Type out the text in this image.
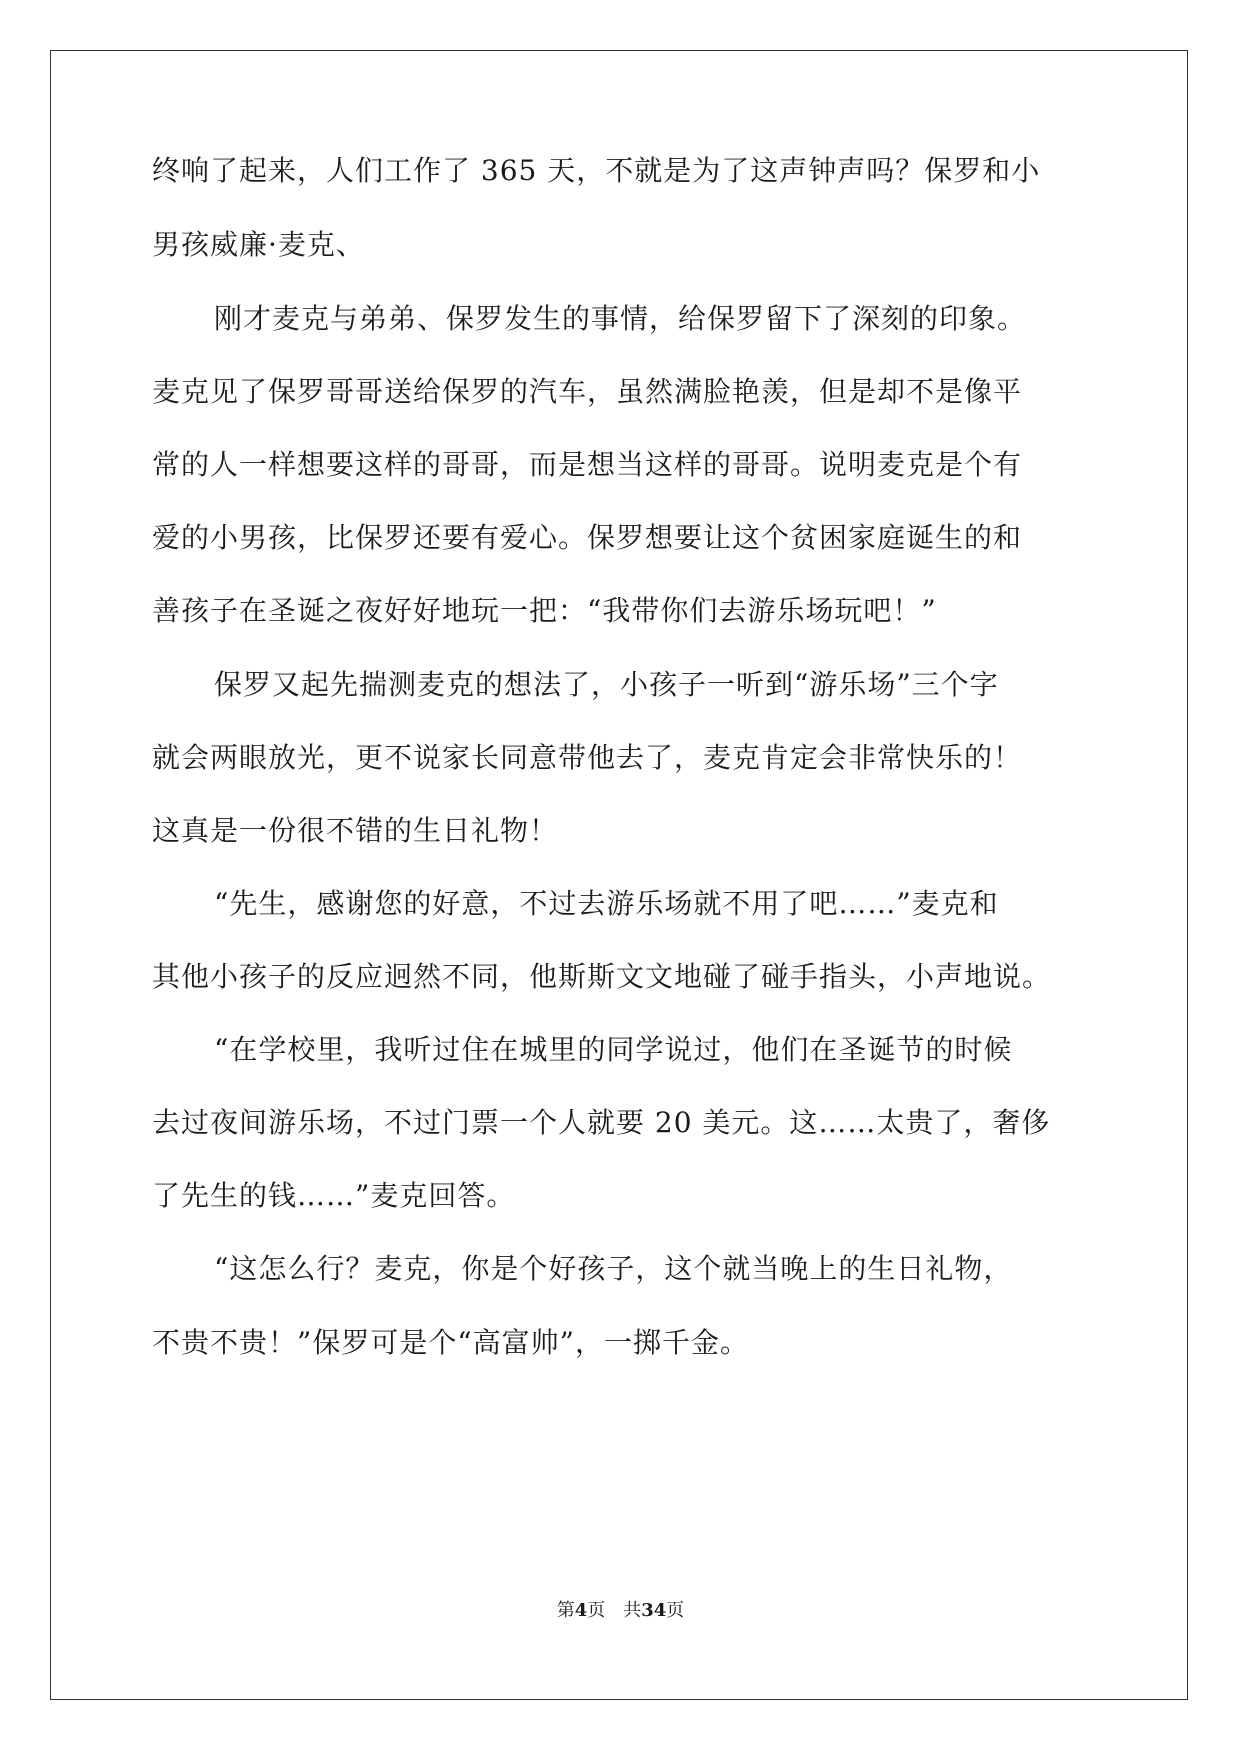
终响了起来，人们工作了 365 天，不就是为了这声钟声吗？保罗和小
男孩威廉·麦克、
刚才麦克与弟弟、保罗发生的事情，给保罗留下了深刻的印象。
麦克见了保罗哥哥送给保罗的汽车，虽然满脸艳羡，但是却不是像平
常的人一样想要这样的哥哥，而是想当这样的哥哥。说明麦克是个有
爱的小男孩，比保罗还要有爱心。保罗想要让这个贫困家庭诞生的和
善孩子在圣诞之夜好好地玩一把：“我带你们去游乐场玩吧！”
保罗又起先揣测麦克的想法了，小孩子一听到“游乐场”三个字
就会两眼放光，更不说家长同意带他去了，麦克肯定会非常快乐的！
这真是一份很不错的生日礼物！
“先生，感谢您的好意，不过去游乐场就不用了吧……”麦克和
其他小孩子的反应迥然不同，他斯斯文文地碰了碰手指头，小声地说。
“在学校里，我听过住在城里的同学说过，他们在圣诞节的时候
去过夜间游乐场，不过门票一个人就要 20 美元。这……太贵了，奢侈
了先生的钱……”麦克回答。
“这怎么行？麦克，你是个好孩子，这个就当晚上的生日礼物，
不贵不贵！”保罗可是个“高富帅”，一掷千金。
第4页 共34页
